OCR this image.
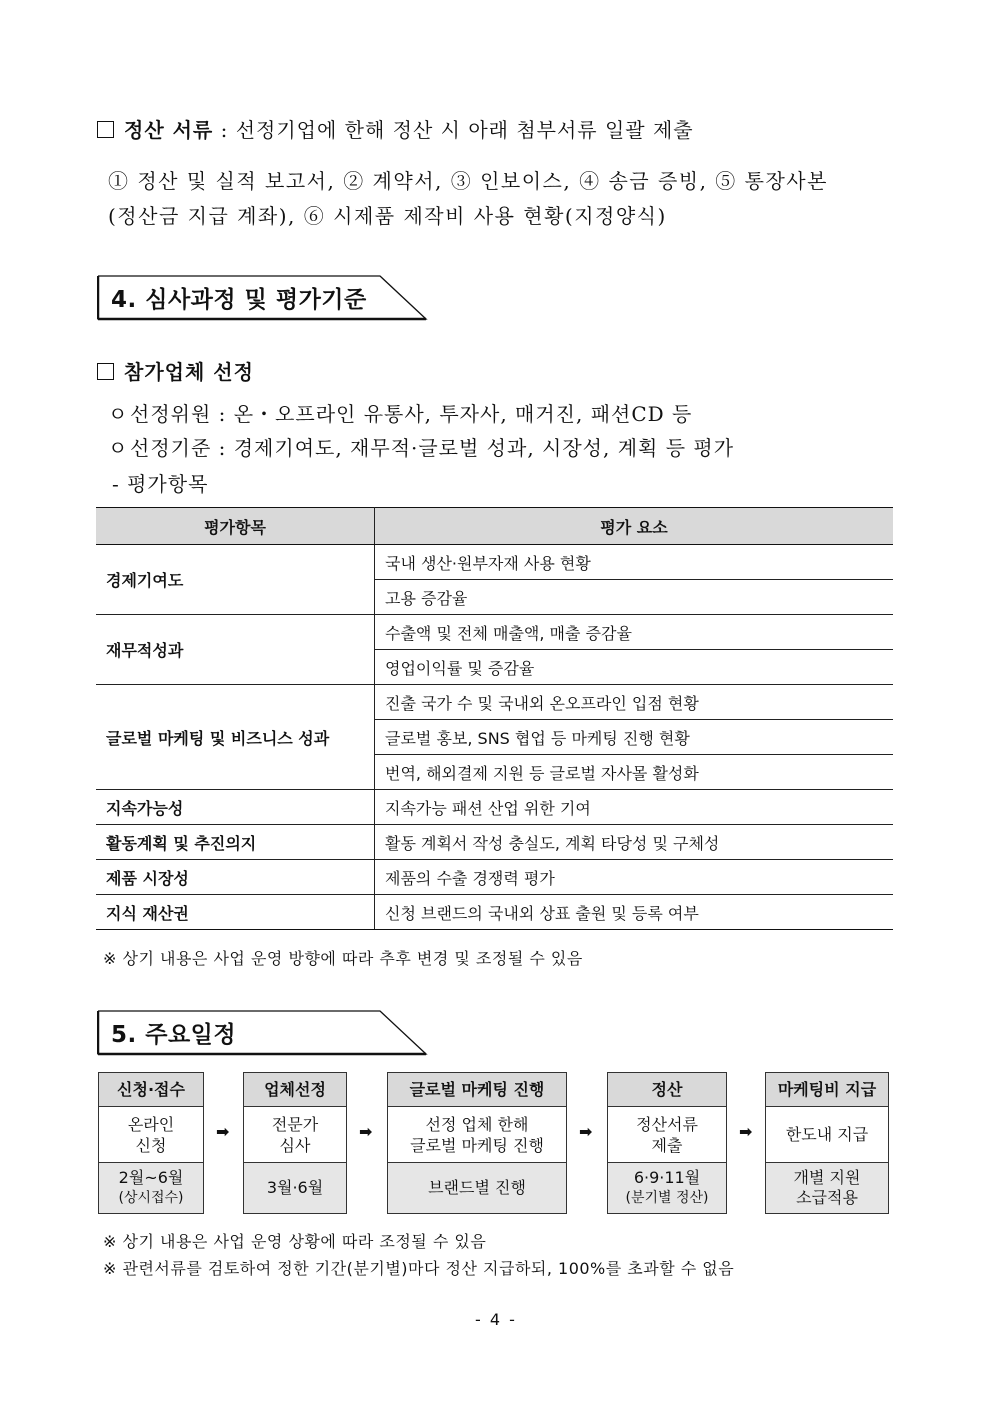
정산 서류 : 선정기업에 한해 정산 시 아래 첨부서류 일괄 제출
① 정산 및 실적 보고서, ② 계약서, ③ 인보이스, ④ 송금 증빙, ⑤ 통장사본
(정산금 지급 계좌), ⑥ 시제품 제작비 사용 현황(지정양식)
4. 심사과정 및 평가기준
참가업체 선정
ㅇ선정위원 : 온・오프라인 유통사, 투자사, 매거진, 패션CD 등
ㅇ선정기준 : 경제기여도, 재무적·글로벌 성과, 시장성, 계획 등 평가
- 평가항목
평가항목	평가 요소
경제기여도	국내 생산·원부자재 사용 현황
	고용 증감율
재무적성과	수출액 및 전체 매출액, 매출 증감율
	영업이익률 및 증감율
글로벌 마케팅 및 비즈니스 성과	진출 국가 수 및 국내외 온오프라인 입점 현황
	글로벌 홍보, SNS 협업 등 마케팅 진행 현황
	번역, 해외결제 지원 등 글로벌 자사몰 활성화
지속가능성	지속가능 패션 산업 위한 기여
활동계획 및 추진의지	활동 계획서 작성 충실도, 계획 타당성 및 구체성
제품 시장성	제품의 수출 경쟁력 평가
지식 재산권	신청 브랜드의 국내외 상표 출원 및 등록 여부
※ 상기 내용은 사업 운영 방향에 따라 추후 변경 및 조정될 수 있음
5. 주요일정
신청·접수
온라인
신청
2월~6월
(상시접수)
➡
업체선정
전문가
심사
3월·6월
➡
글로벌 마케팅 진행
선정 업체 한해
글로벌 마케팅 진행
브랜드별 진행
➡
정산
정산서류
제출
6·9·11월
(분기별 정산)
➡
마케팅비 지급
한도내 지급
개별 지원
소급적용
※ 상기 내용은 사업 운영 상황에 따라 조정될 수 있음
※ 관련서류를 검토하여 정한 기간(분기별)마다 정산 지급하되, 100%를 초과할 수 없음
- 4 -
